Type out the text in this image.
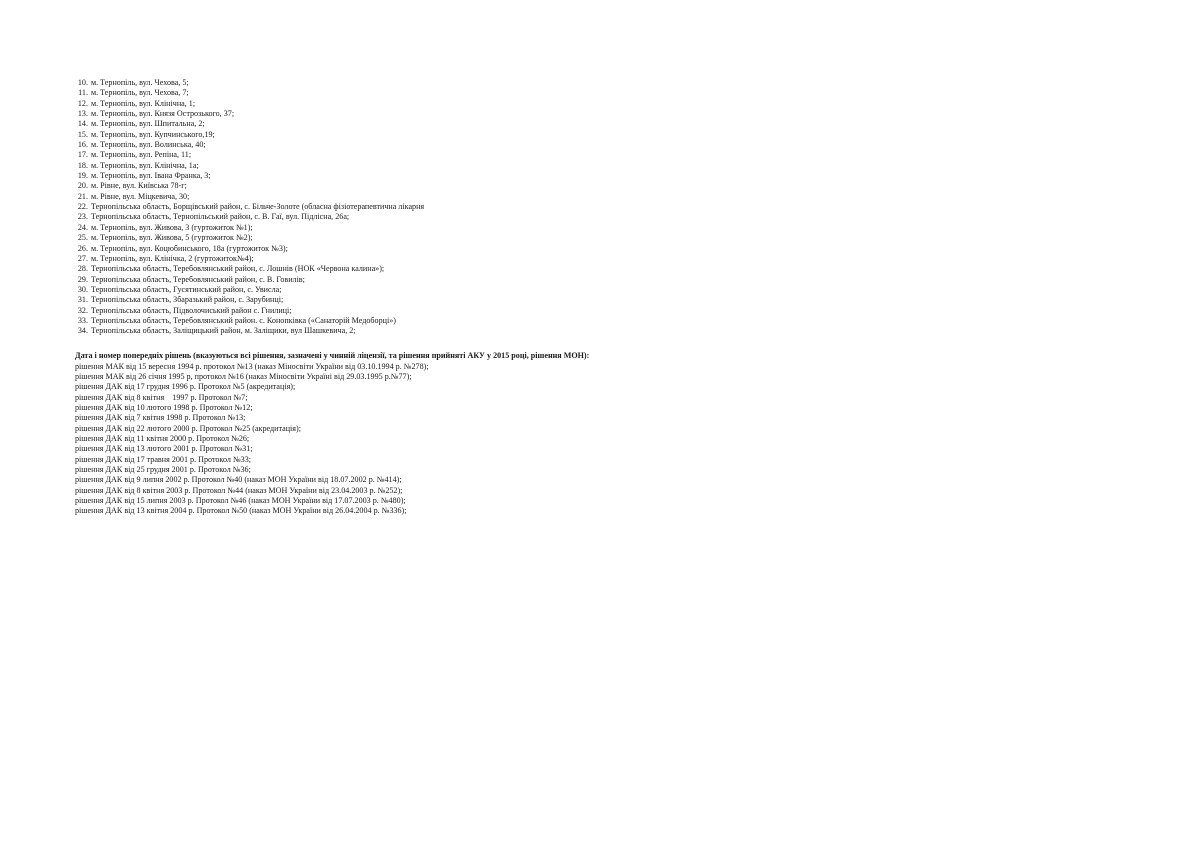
10. м. Тернопіль, вул. Чехова, 5;
11. м. Тернопіль, вул. Чехова, 7;
12. м. Тернопіль, вул. Клінічна, 1;
13. м. Тернопіль, вул. Князя Острозького, 37;
14. м. Тернопіль, вул. Шпитальна, 2;
15. м. Тернопіль, вул. Купчинського,19;
16. м. Тернопіль, вул. Волинська, 40;
17. м. Тернопіль, вул. Репіна, 11;
18. м. Тернопіль, вул. Клінічна, 1а;
19. м. Тернопіль, вул. Івана Франка, 3;
20. м. Рівне, вул. Київська 78-г;
21. м. Рівне, вул. Міцкевича, 30;
22. Тернопільська область, Борщівський район, с. Більче-Золоте (обласна фізіотерапевтична лікарня
23. Тернопільська область, Тернопільський район, с. В. Гаї, вул. Підлісна, 26а;
24. м. Тернопіль, вул. Живова, 3 (гуртожиток №1);
25. м. Тернопіль, вул. Живова, 5 (гуртожиток №2);
26. м. Тернопіль, вул. Коцюбинського, 18а (гуртожиток №3);
27. м. Тернопіль, вул. Клінічка, 2 (гуртожиток№4);
28. Тернопільська область, Теребовлянський район, с. Лошнів (НОК «Червона калина»);
29. Тернопільська область, Теребовлянський район, с. В. Говилів;
30. Тернопільська область, Гусятинський район, с. Увисла;
31. Тернопільська область, Збаразький район, с. Зарубинці;
32. Тернопільська область, Підволочиський район с. Гнилиці;
33. Тернопільська область, Теребовлянський район. с. Конопківка («Санаторій Медоборці»)
34. Тернопільська область, Заліщицький район, м. Заліщики, вул Шашкевича, 2;
Дата і номер попередніх рішень (вказуються всі рішення, зазначені у чинній ліцензії, та рішення прийняті АКУ у 2015 році, рішення МОН):
рішення МАК від 15 вересня 1994 р. протокол №13 (наказ Міносвіти України від 03.10.1994 р. №278);
рішення МАК від 26 січня 1995 р, протокол №16 (наказ Міносвіти Україні від 29.03.1995 р.№77);
рішення ДАК від 17 грудня 1996 р. Протокол №5 (акредитація);
рішення ДАК від 8 квітня    1997 р. Протокол №7;
рішення ДАК від 10 лютого 1998 р. Протокол №12;
рішення ДАК від 7 квітня 1998 р. Протокол №13;
рішення ДАК від 22 лютого 2000 р. Протокол №25 (акредитація);
рішення ДАК від 11 квітня 2000 р. Протокол №26;
рішення ДАК від 13 лютого 2001 р. Протокол №31;
рішення ДАК від 17 травня 2001 р. Протокол №33;
рішення ДАК від 25 грудня 2001 р. Протокол №36;
рішення ДАК від 9 липня 2002 р. Протокол №40 (наказ МОН України від 18.07.2002 р. №414);
рішення ДАК від 8 квітня 2003 р. Протокол №44 (наказ МОН України від 23.04.2003 р. №252);
рішення ДАК від 15 липня 2003 р. Протокол №46 (наказ МОН України від 17.07.2003 р. №480);
рішення ДАК від 13 квітня 2004 р. Протокол №50 (наказ МОН України від 26.04.2004 р. №336);
